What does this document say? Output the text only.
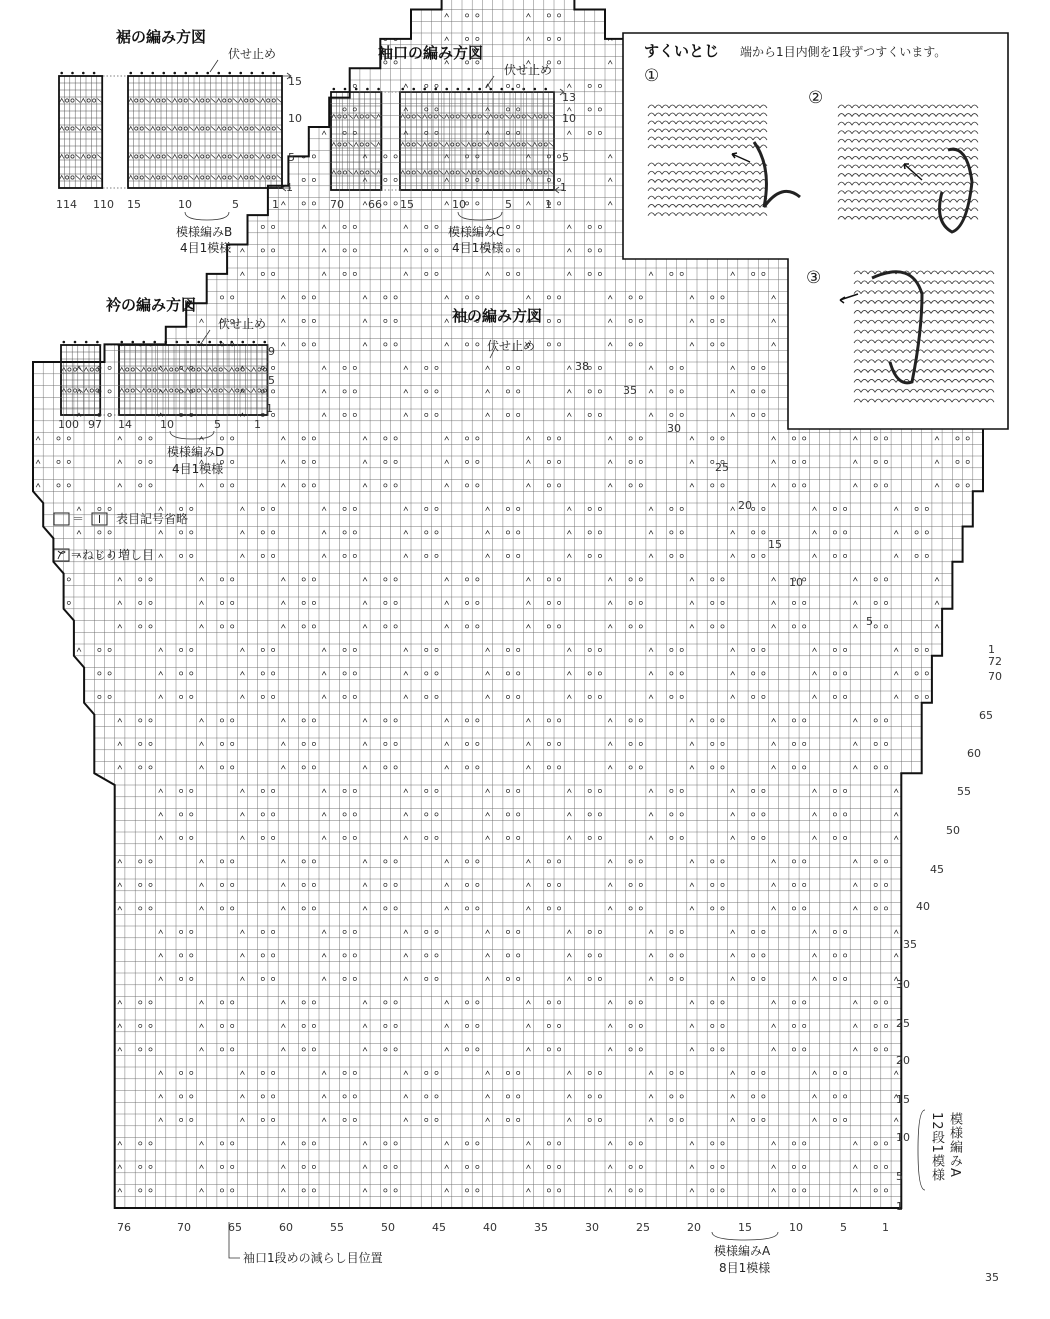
裾の編み方図
伏せ止め
15
10
5
1
114 110 15	10	5	1
模様編みB
4目1模様
袖口の編み方図
伏せ止め
13
10
5
1
70 66 15	10	5	1
模様編みC
4目1模様
衿の編み方図
伏せ止め
9
5
1
100 97 14	10	5	1
模様編みD
4目1模様
＝	表目記号省略
＝ねじり増し目
袖の編み方図
伏せ止め
38
35
30
25
20
15
10
5
1
72
70
65
60
55
50
45
40
35
30
25
20
15
10
5
1
76	70	65	60	55	50	45	40	35	30	25	20	15	10	5	1
袖口1段めの減らし目位置	模様編みA
8目1模様
12段1模様 模様編みA
すくいとじ 端から1目内側を1段ずつすくいます。
①
②
③
35
